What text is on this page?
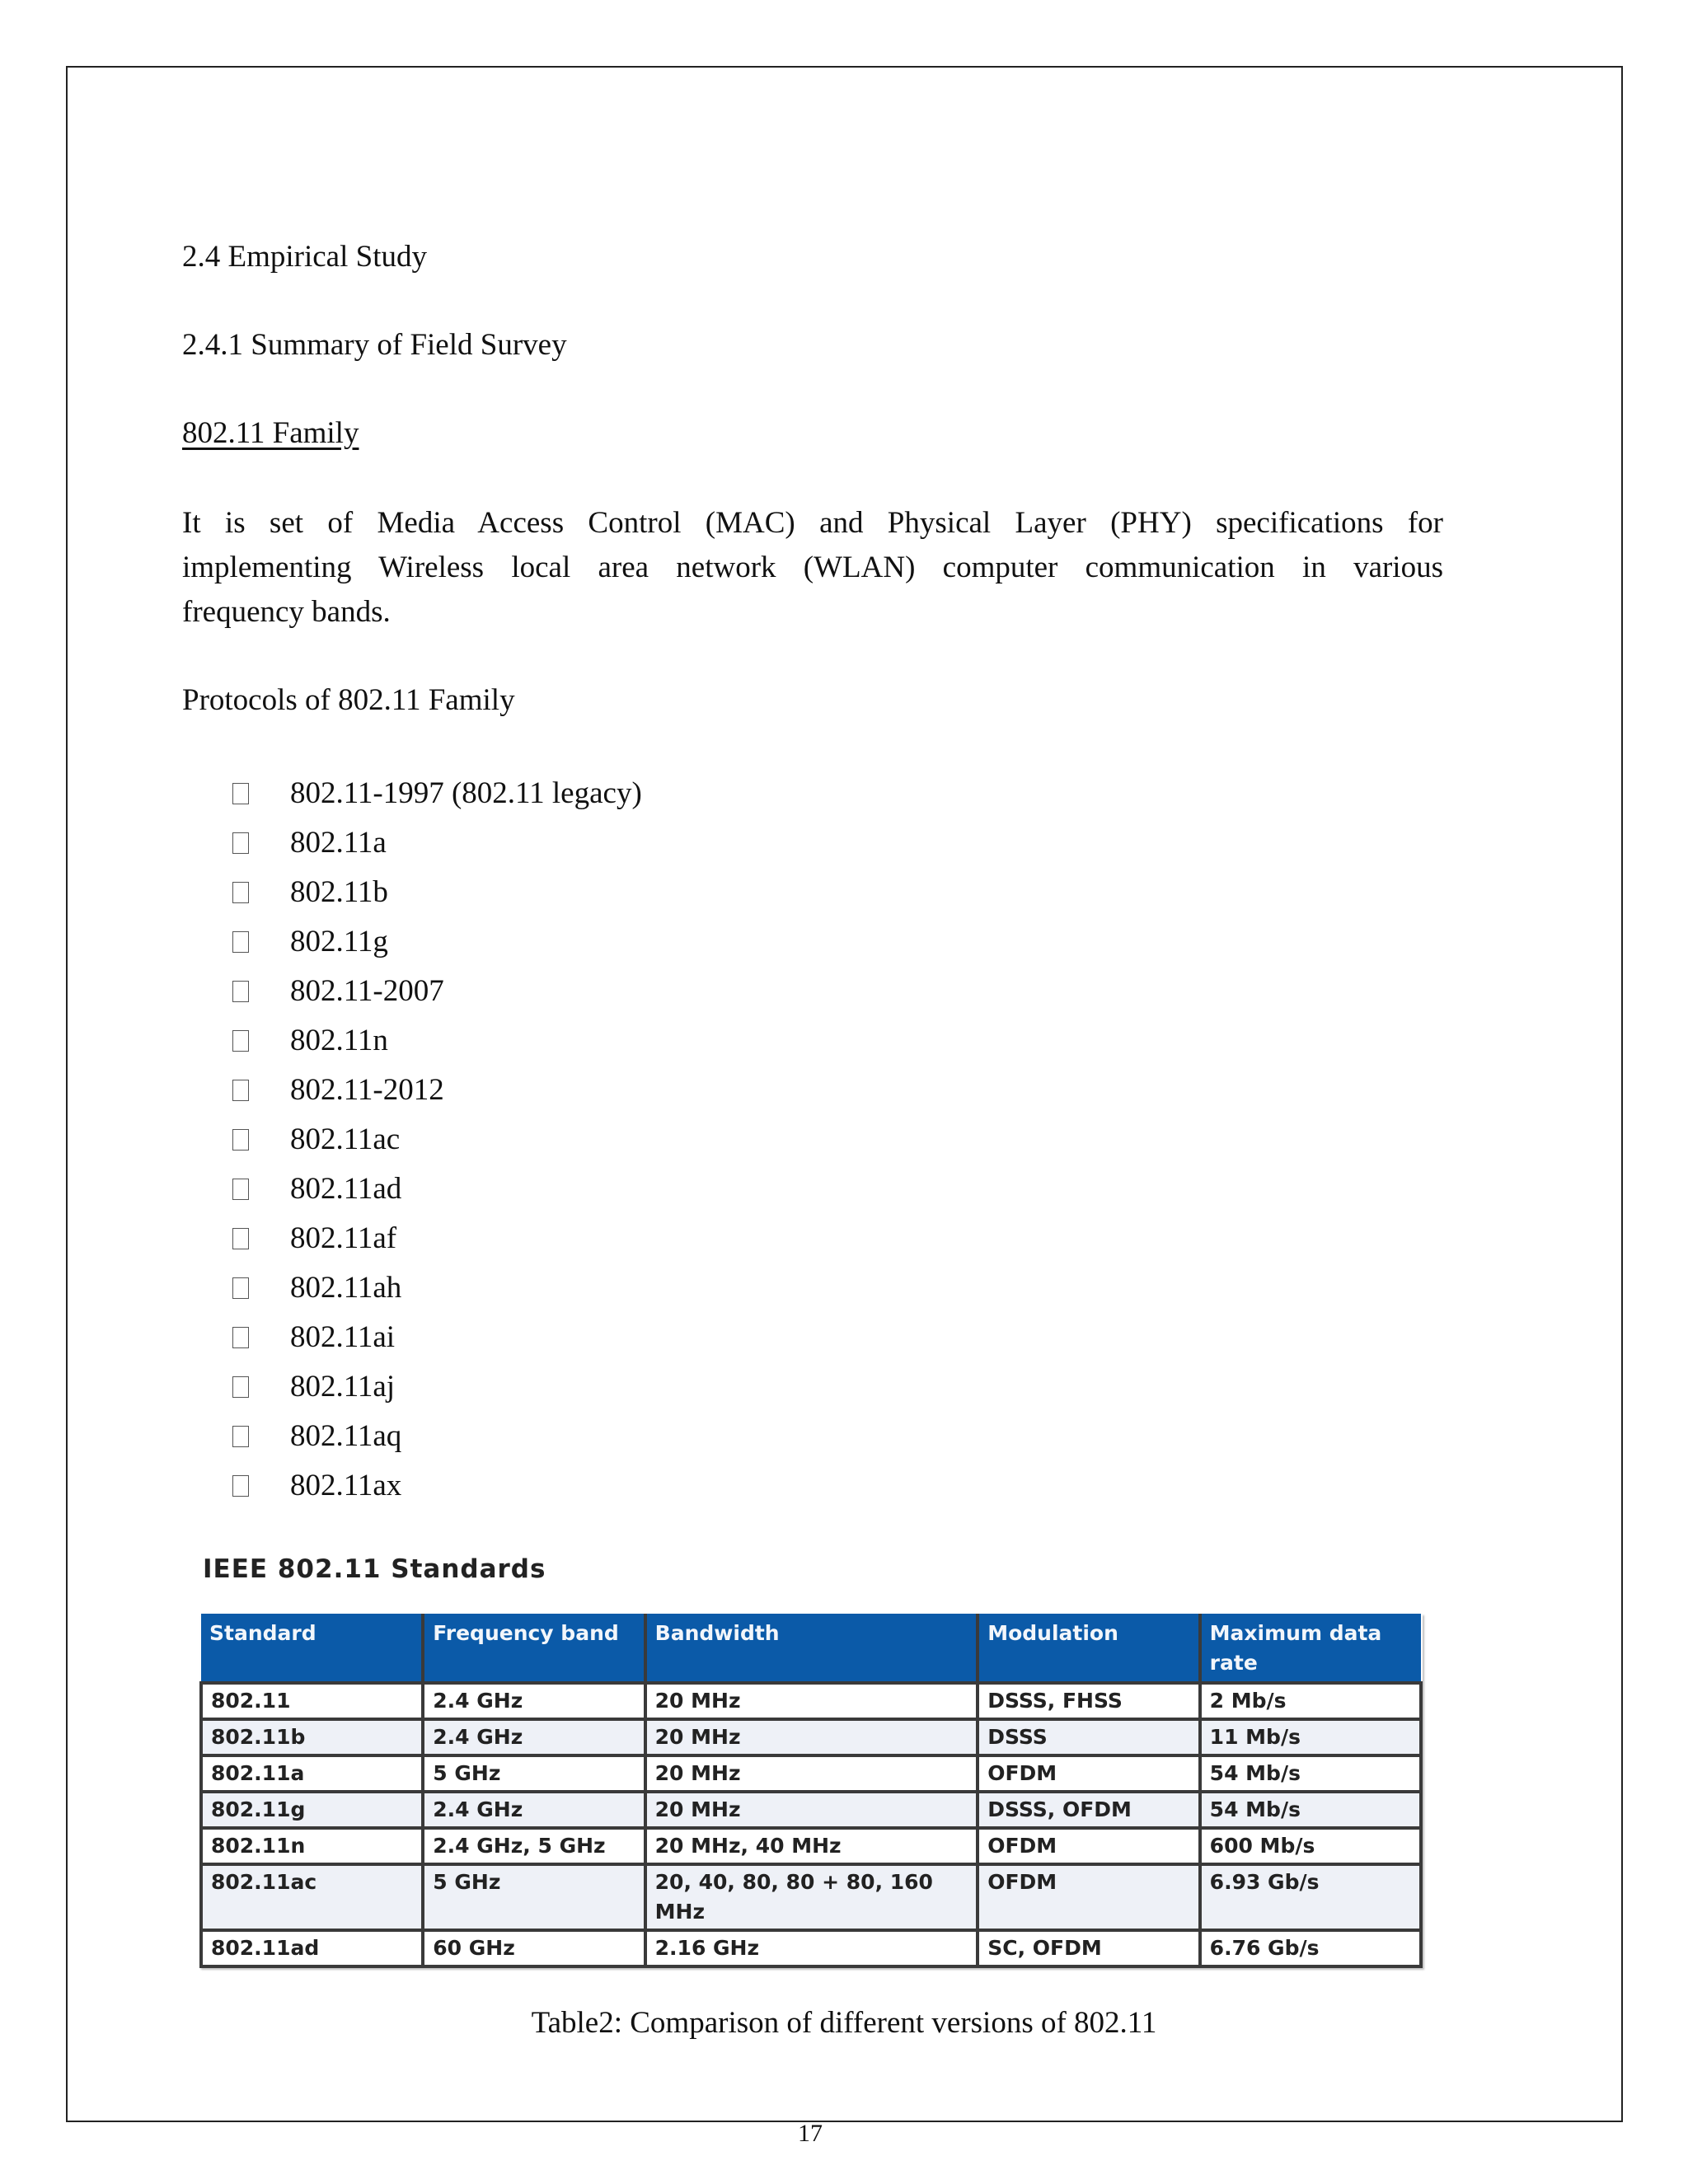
2.4 Empirical Study
2.4.1 Summary of Field Survey
802.11 Family
It is set of Media Access Control (MAC) and Physical Layer (PHY) specifications for
implementing Wireless local area network (WLAN) computer communication in various
frequency bands.
Protocols of 802.11 Family
802.11-1997 (802.11 legacy)
802.11a
802.11b
802.11g
802.11-2007
802.11n
802.11-2012
802.11ac
802.11ad
802.11af
802.11ah
802.11ai
802.11aj
802.11aq
802.11ax
IEEE 802.11 Standards
Standard	Frequency band	Bandwidth	Modulation	Maximum data rate
802.11	2.4 GHz	20 MHz	DSSS, FHSS	2 Mb/s
802.11b	2.4 GHz	20 MHz	DSSS	11 Mb/s
802.11a	5 GHz	20 MHz	OFDM	54 Mb/s
802.11g	2.4 GHz	20 MHz	DSSS, OFDM	54 Mb/s
802.11n	2.4 GHz, 5 GHz	20 MHz, 40 MHz	OFDM	600 Mb/s
802.11ac	5 GHz	20, 40, 80, 80 + 80, 160 MHz	OFDM	6.93 Gb/s
802.11ad	60 GHz	2.16 GHz	SC, OFDM	6.76 Gb/s
Table2: Comparison of different versions of 802.11
17
